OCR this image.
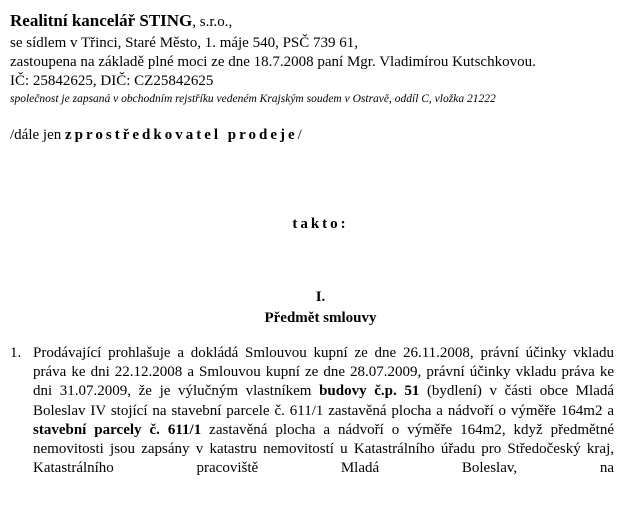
Realitní kancelář STING, s.r.o.,
se sídlem v Třinci, Staré Město, 1. máje 540, PSČ 739 61,
zastoupena na základě plné moci ze dne 18.7.2008 paní Mgr. Vladimírou Kutschkovou.
IČ: 25842625, DIČ: CZ25842625
společnost je zapsaná v obchodním rejstříku vedeném Krajským soudem v Ostravě, oddíl C, vložka 21222
/dále jen zprostředkovatel prodeje/
takto:
I.
Předmět smlouvy
1. Prodávající prohlašuje a dokládá Smlouvou kupní ze dne 26.11.2008, právní účinky vkladu práva ke dni 22.12.2008 a Smlouvou kupní ze dne 28.07.2009, právní účinky vkladu práva ke dni 31.07.2009, že je výlučným vlastníkem budovy č.p. 51 (bydlení) v části obce Mladá Boleslav IV stojící na stavební parcele č. 611/1 zastavěná plocha a nádvoří o výměře 164m2 a stavební parcely č. 611/1 zastavěná plocha a nádvoří o výměře 164m2, když předmětné nemovitosti jsou zapsány v katastru nemovitostí u Katastrálního úřadu pro Středočeský kraj, Katastrálního pracoviště Mladá Boleslav, na
